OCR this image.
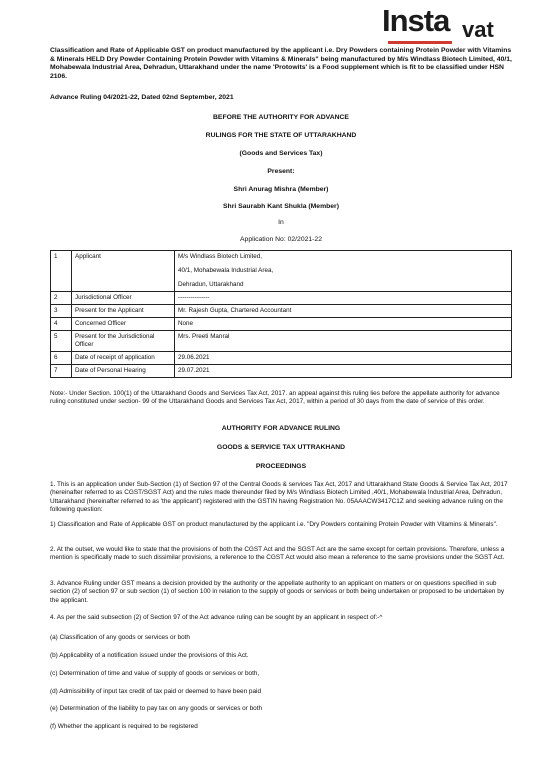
Insta vat
Classification and Rate of Applicable GST on product manufactured by the applicant i.e. Dry Powders containing Protein Powder with Vitamins & Minerals HELD Dry Powder Containing Protein Powder with Vitamins & Minerals" being manufactured by M/s Windlass Biotech Limited, 40/1, Mohabewala Industrial Area, Dehradun, Uttarakhand under the name 'Protowits' is a Food supplement which is fit to be classified under HSN 2106.
Advance Ruling 04/2021-22, Dated 02nd September, 2021
BEFORE THE AUTHORITY FOR ADVANCE
RULINGS FOR THE STATE OF UTTARAKHAND
(Goods and Services Tax)
Present:
Shri Anurag Mishra (Member)
Shri Saurabh Kant Shukla (Member)
In
Application No: 02/2021-22
1	Applicant	M/s Windlass Biotech Limited,
40/1, Mohabewala Industrial Area,
Dehradun, Uttarakhand

2	Jurisdictional Officer	---------------

3	Present for the Applicant	Mr. Rajesh Gupta, Chartered Accountant

4	Concerned Officer	None

5	Present for the Jurisdictional Officer	Mrs. Preeti Manral

6	Date of receipt of application	29.06.2021

7	Date of Personal Hearing	29.07.2021
Note:- Under Section. 100(1) of the Uttarakhand Goods and Services Tax Act, 2017. an appeal against this ruling lies before the appellate authority for advance ruling constituted under section- 99 of the Uttarakhand Goods and Services Tax Act, 2017, within a period of 30 days from the date of service of this order.
AUTHORITY FOR ADVANCE RULING
GOODS & SERVICE TAX UTTRAKHAND
PROCEEDINGS
1. This is an application under Sub-Section (1) of Section 97 of the Central Goods & services Tax Act, 2017 and Uttarakhand State Goods & Service Tax Act, 2017 (hereinafter referred to as CGST/SGST Act) and the rules made thereunder filed by M/s Windlass Biotech Limited ,40/1, Mohabewala Industrial Area, Dehradun, Uttarakhand (hereinafter referred to as 'the applicant') registered with the GSTIN having Registration No. 05AAACW3417C1Z and seeking advance ruling on the following question:
1) Classification and Rate of Applicable GST on product manufactured by the applicant i.e. "Dry Powders containing Protein Powder with Vitamins & Minerals".
2. At the outset, we would like to state that the provisions of both the CGST Act and the SGST Act are the same except for certain provisions. Therefore, unless a mention is specifically made to such dissimilar provisions, a reference to the CGST Act would also mean a reference to the same provisions under the SGST Act.
3. Advance Ruling under GST means a decision provided by the authority or the appellate authority to an applicant on matters or on questions specified in sub section (2) of section 97 or sub section (1) of section 100 in relation to the supply of goods or services or both being undertaken or proposed to be undertaken by the applicant.
4. As per the said subsection (2) of Section 97 of the Act advance ruling can be sought by an applicant in respect of:-^
(a) Classification of any goods or services or both
(b) Applicability of a notification issued under the provisions of this Act.
(c) Determination of time and value of supply of goods or services or both,
(d) Admissibility of input tax credit of tax paid or deemed to have been paid
(e) Determination of the liability to pay tax on any goods or services or both
(f) Whether the applicant is required to be registered
